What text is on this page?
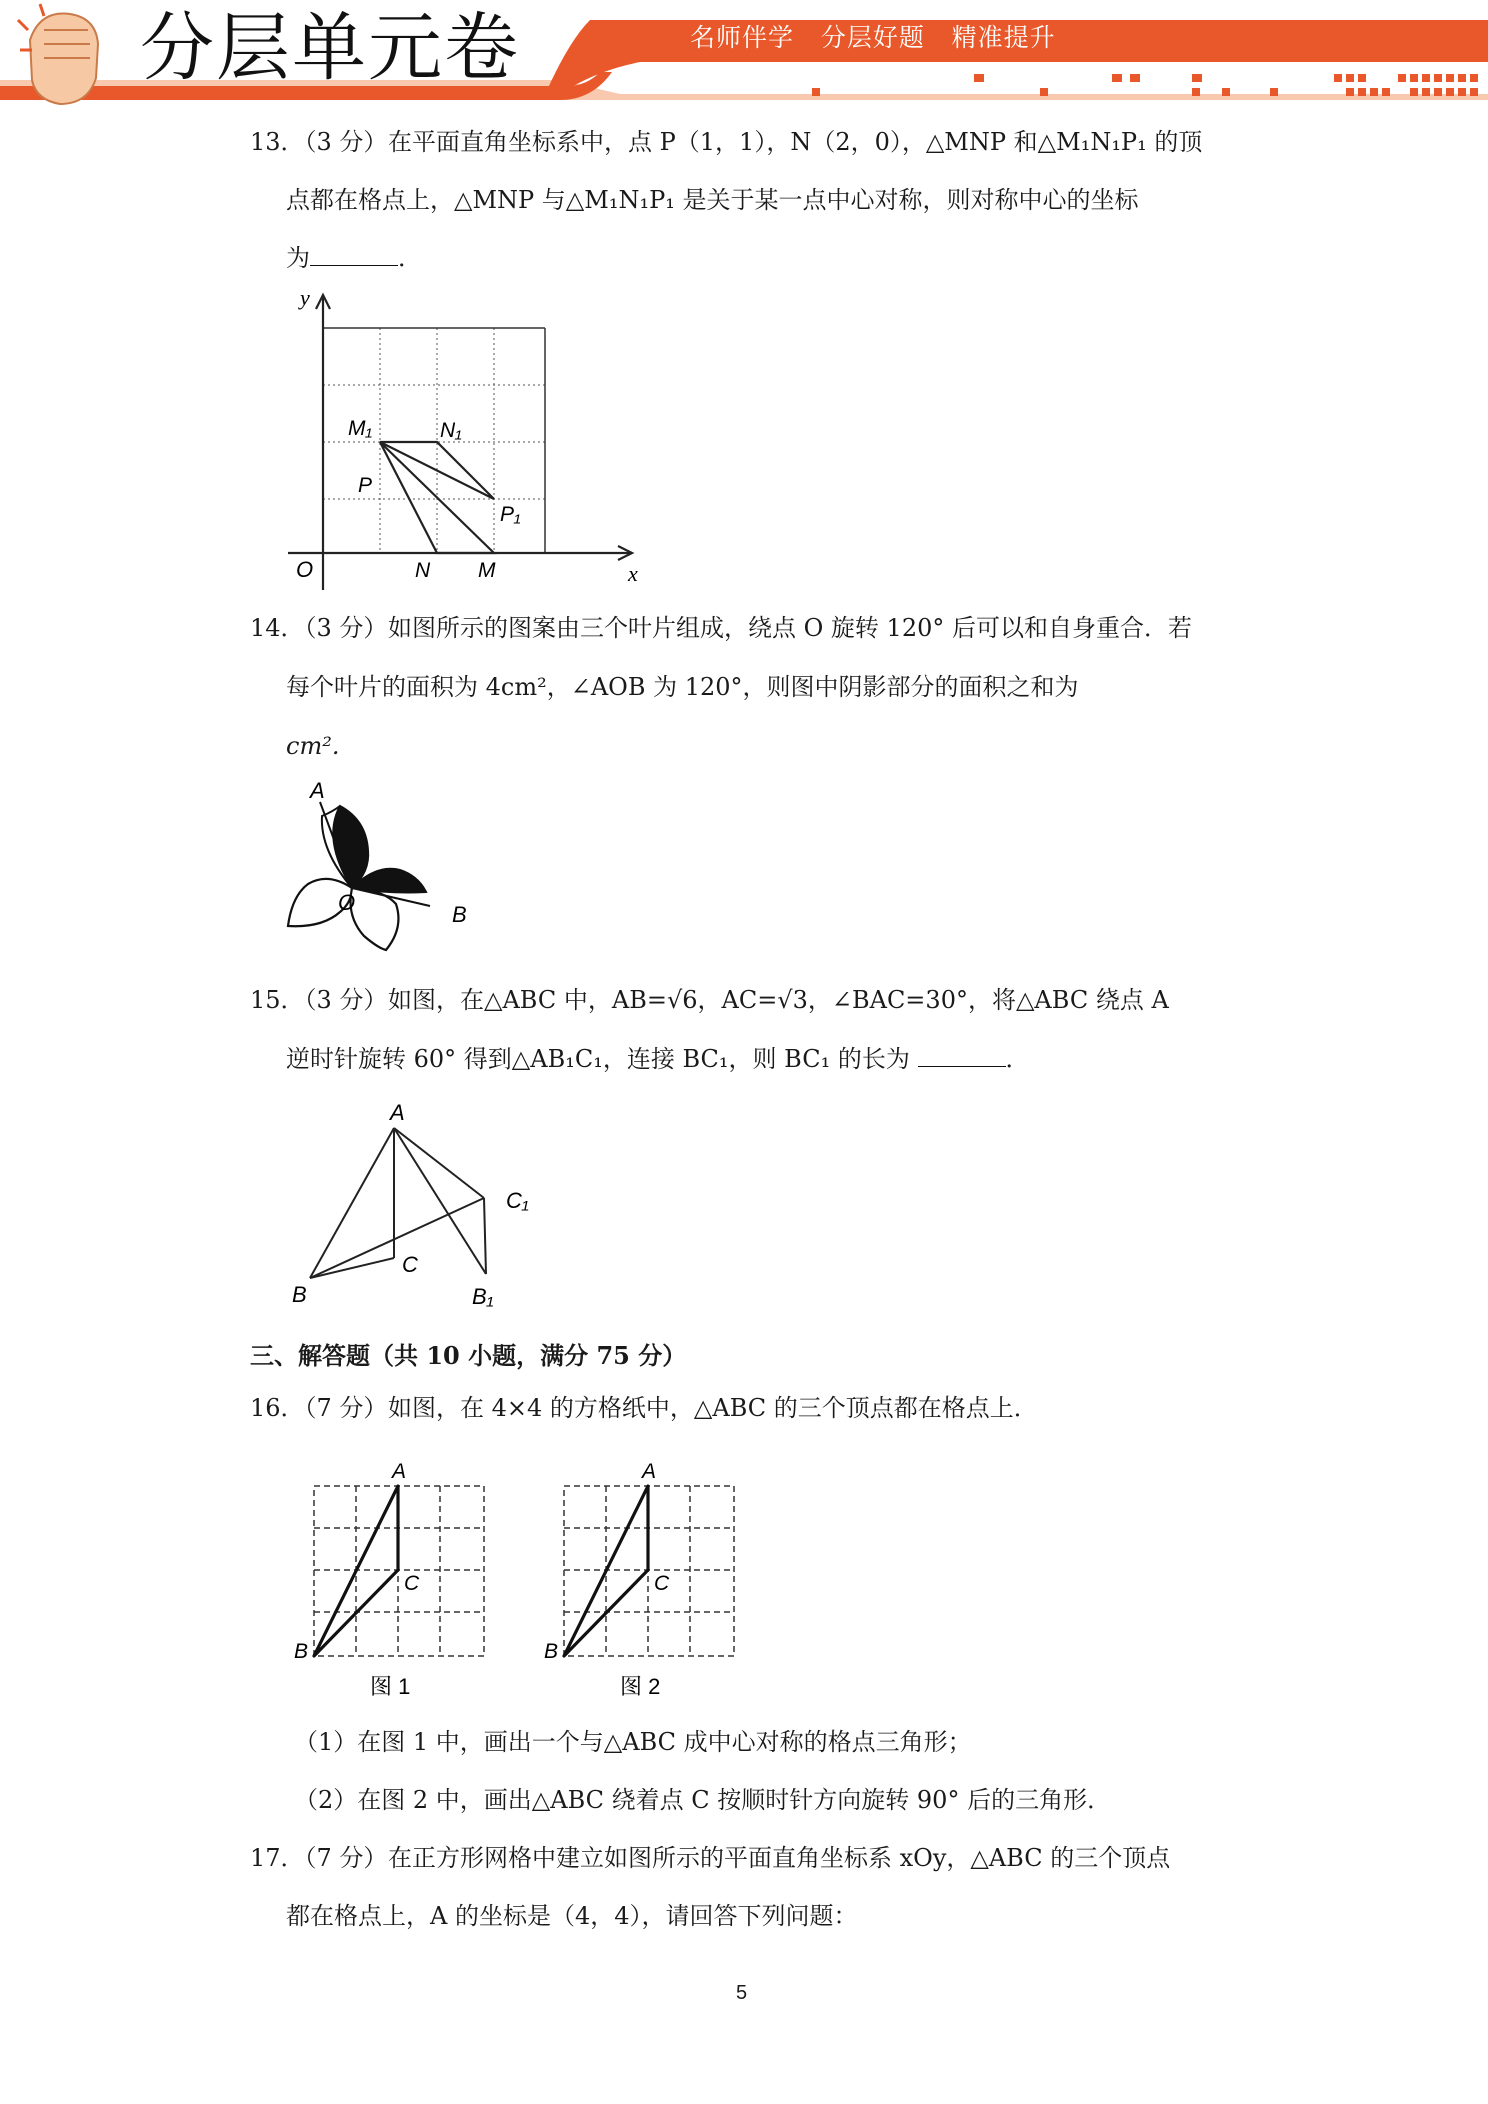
分层单元卷	名师伴学   分层好题   精准提升
13．（3 分） 在平面直角坐标系中，点 P（1，1），N（2，0），△MNP 和△M₁N₁P₁ 的顶
点都在格点上，△MNP 与△M₁N₁P₁ 是关于某一点中心对称，则对称中心的坐标
为	．
y
x
O
M₁	N₁
P
P₁
N M
14．（3 分） 如图所示的图案由三个叶片组成，绕点 O 旋转 120° 后可以和自身重合．若
每个叶片的面积为 4cm²，∠AOB 为 120°，则图中阴影部分的面积之和为
cm².
A
B
O
15．（3 分） 如图，在△ABC 中，AB=√6，AC=√3，∠BAC=30°，将△ABC 绕点 A
逆时针旋转 60° 得到△AB₁C₁，连接 BC₁，则 BC₁ 的长为	．
A
B
C
B₁
C₁
三、解答题（共 10 小题，满分 75 分）
16．（7 分） 如图，在 4×4 的方格纸中，△ABC 的三个顶点都在格点上．
A
B
C
图 1
A
B
C
图 2
（1）在图 1 中，画出一个与△ABC 成中心对称的格点三角形；
（2）在图 2 中，画出△ABC 绕着点 C 按顺时针方向旋转 90° 后的三角形．
17．（7 分） 在正方形网格中建立如图所示的平面直角坐标系 xOy，△ABC 的三个顶点
都在格点上，A 的坐标是（4，4），请回答下列问题：
5
